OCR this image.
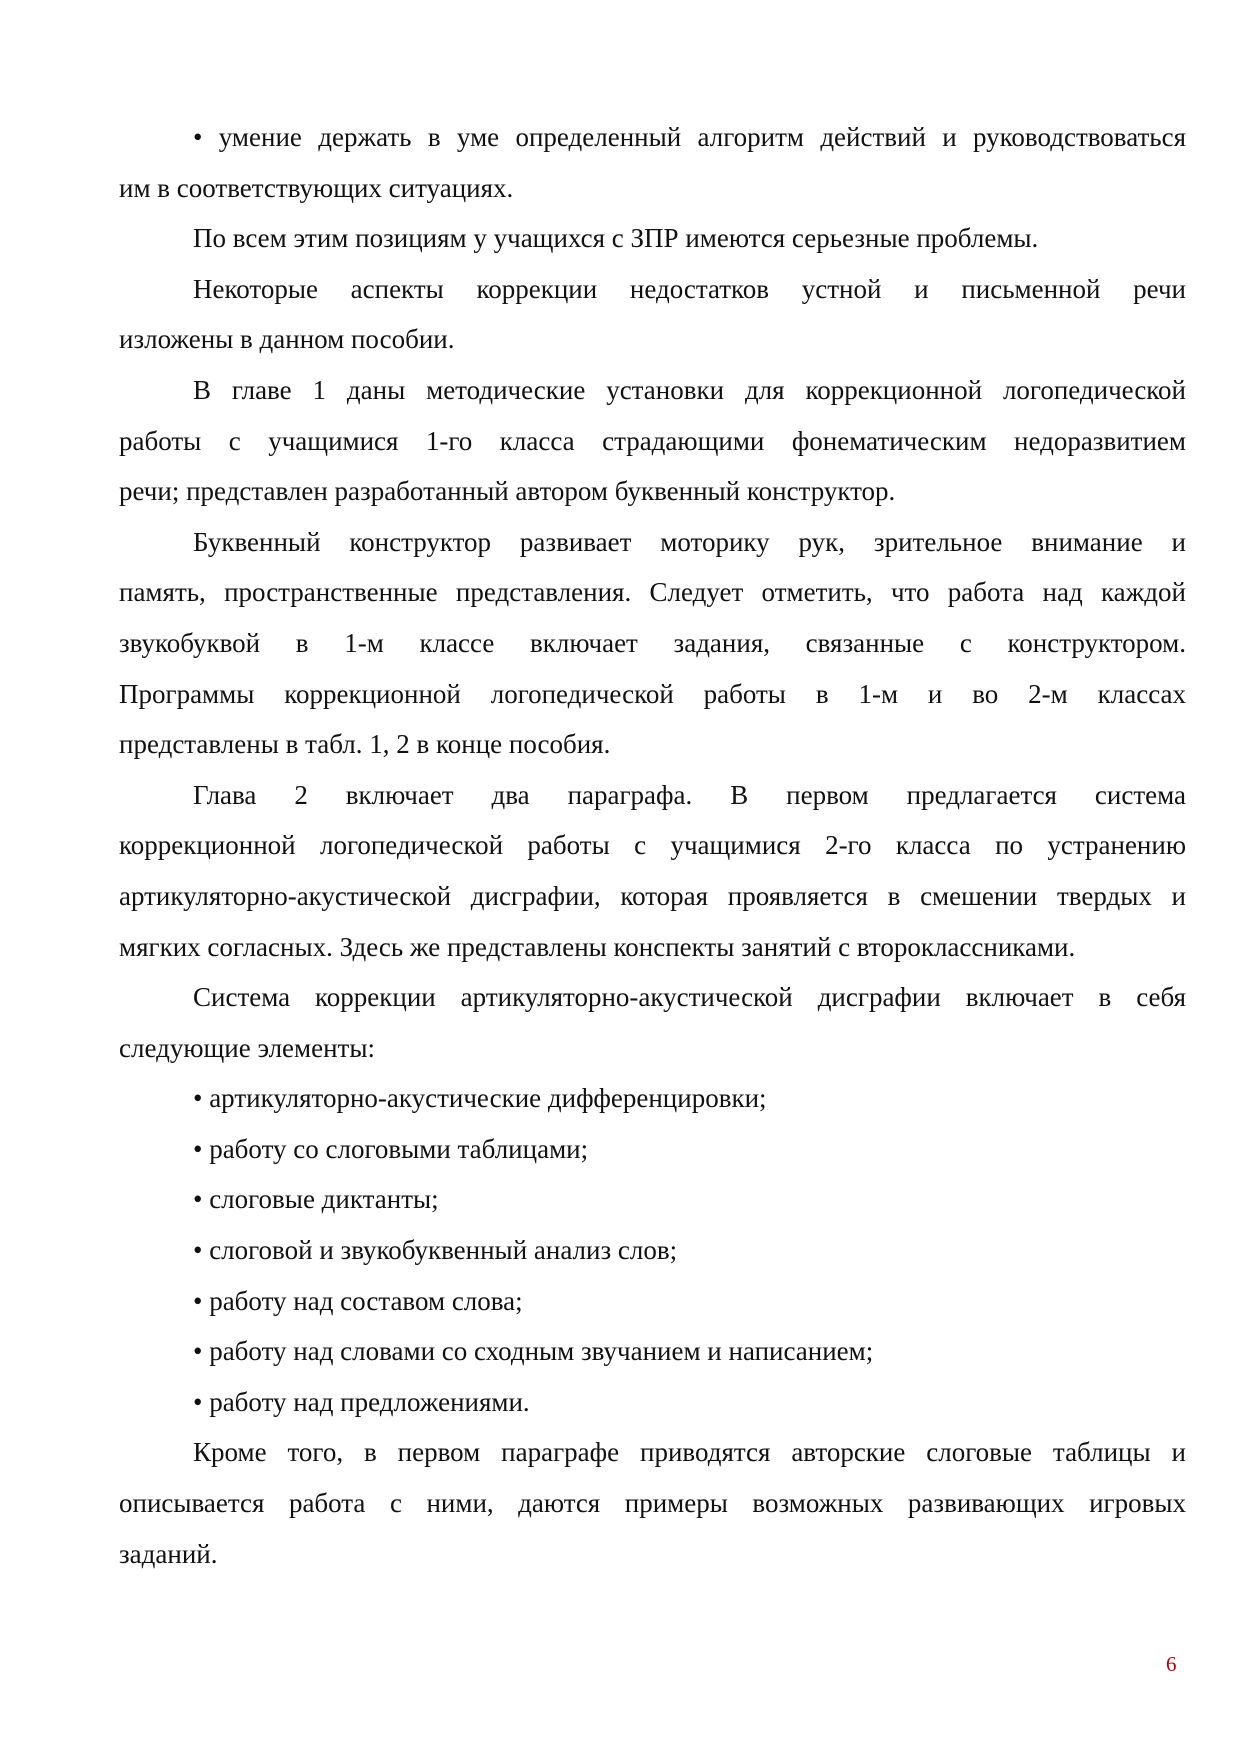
• умение держать в уме определенный алгоритм действий и руководствоваться
им в соответствующих ситуациях.
По всем этим позициям у учащихся с ЗПР имеются серьезные проблемы.
Некоторые аспекты коррекции недостатков устной и письменной речи
изложены в данном пособии.
В главе 1 даны методические установки для коррекционной логопедической
работы с учащимися 1-го класса страдающими фонематическим недоразвитием
речи; представлен разработанный автором буквенный конструктор.
Буквенный конструктор развивает моторику рук, зрительное внимание и
память, пространственные представления. Следует отметить, что работа над каждой
звукобуквой в 1-м классе включает задания, связанные с конструктором.
Программы коррекционной логопедической работы в 1-м и во 2-м классах
представлены в табл. 1, 2 в конце пособия.
Глава 2 включает два параграфа. В первом предлагается система
коррекционной логопедической работы с учащимися 2-го класса по устранению
артикуляторно-акустической дисграфии, которая проявляется в смешении твердых и
мягких согласных. Здесь же представлены конспекты занятий с второклассниками.
Система коррекции артикуляторно-акустической дисграфии включает в себя
следующие элементы:
• артикуляторно-акустические дифференцировки;
• работу со слоговыми таблицами;
• слоговые диктанты;
• слоговой и звукобуквенный анализ слов;
• работу над составом слова;
• работу над словами со сходным звучанием и написанием;
• работу над предложениями.
Кроме того, в первом параграфе приводятся авторские слоговые таблицы и
описывается работа с ними, даются примеры возможных развивающих игровых
заданий.
6
